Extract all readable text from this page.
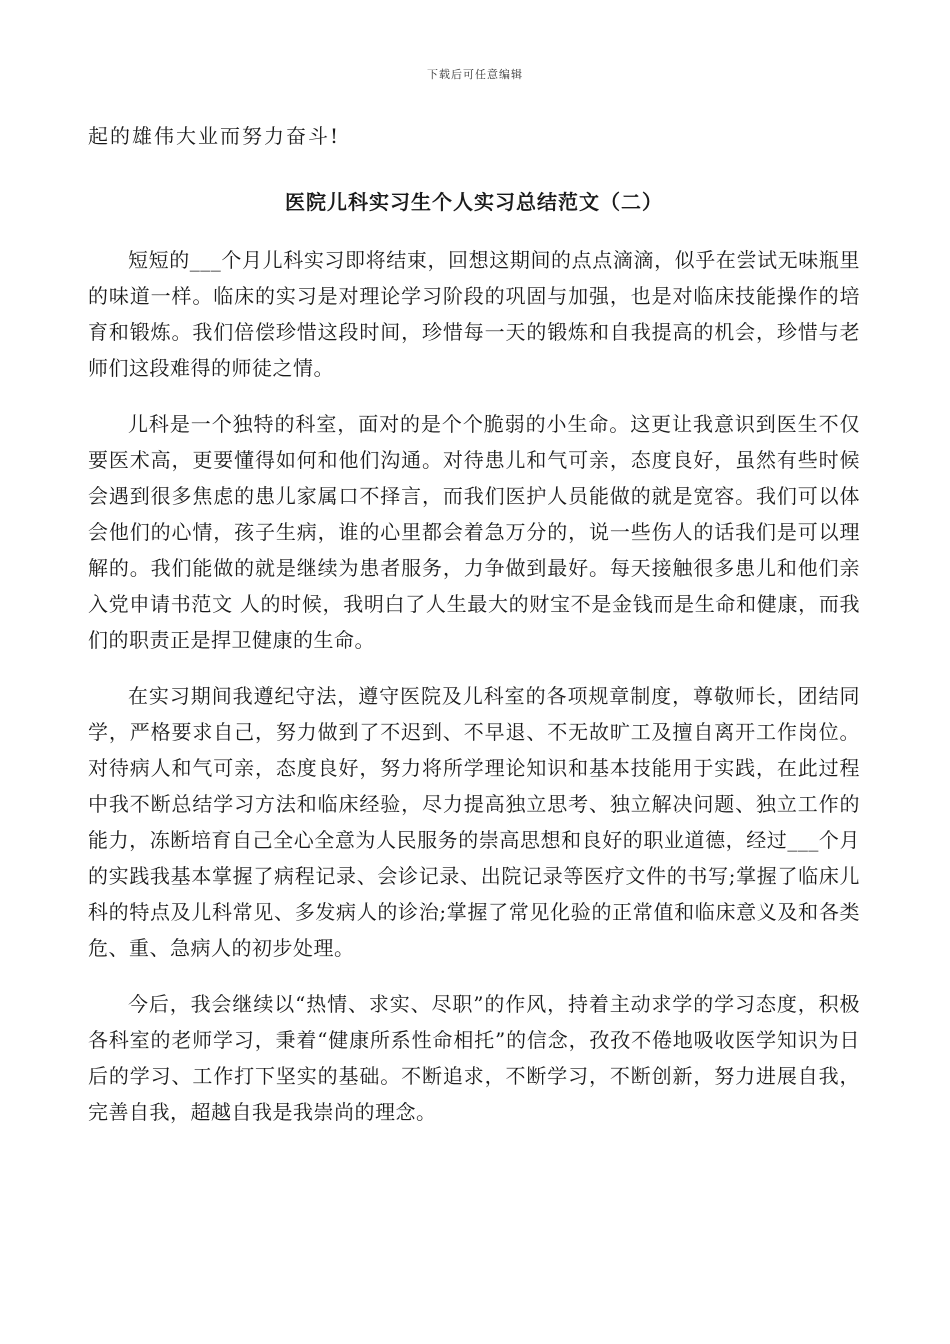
下载后可任意编辑

起的雄伟大业而努力奋斗!

医院儿科实习生个人实习总结范文（二）

短短的___个月儿科实习即将结束，回想这期间的点点滴滴，似乎在尝试无味瓶里的味道一样。临床的实习是对理论学习阶段的巩固与加强，也是对临床技能操作的培育和锻炼。我们倍偿珍惜这段时间，珍惜每一天的锻炼和自我提高的机会，珍惜与老师们这段难得的师徒之情。

儿科是一个独特的科室，面对的是个个脆弱的小生命。这更让我意识到医生不仅要医术高，更要懂得如何和他们沟通。对待患儿和气可亲，态度良好，虽然有些时候会遇到很多焦虑的患儿家属口不择言，而我们医护人员能做的就是宽容。我们可以体会他们的心情，孩子生病，谁的心里都会着急万分的，说一些伤人的话我们是可以理解的。我们能做的就是继续为患者服务，力争做到最好。每天接触很多患儿和他们亲入党申请书范文 人的时候，我明白了人生最大的财宝不是金钱而是生命和健康，而我们的职责正是捍卫健康的生命。

在实习期间我遵纪守法，遵守医院及儿科室的各项规章制度，尊敬师长，团结同学，严格要求自己，努力做到了不迟到、不早退、不无故旷工及擅自离开工作岗位。对待病人和气可亲，态度良好，努力将所学理论知识和基本技能用于实践，在此过程中我不断总结学习方法和临床经验，尽力提高独立思考、独立解决问题、独立工作的能力，冻断培育自己全心全意为人民服务的崇高思想和良好的职业道德，经过___个月的实践我基本掌握了病程记录、会诊记录、出院记录等医疗文件的书写;掌握了临床儿科的特点及儿科常见、多发病人的诊治;掌握了常见化验的正常值和临床意义及和各类危、重、急病人的初步处理。

今后，我会继续以“热情、求实、尽职”的作风，持着主动求学的学习态度，积极各科室的老师学习，秉着“健康所系性命相托”的信念，孜孜不倦地吸收医学知识为日后的学习、工作打下坚实的基础。不断追求，不断学习，不断创新，努力进展自我，完善自我，超越自我是我崇尚的理念。
